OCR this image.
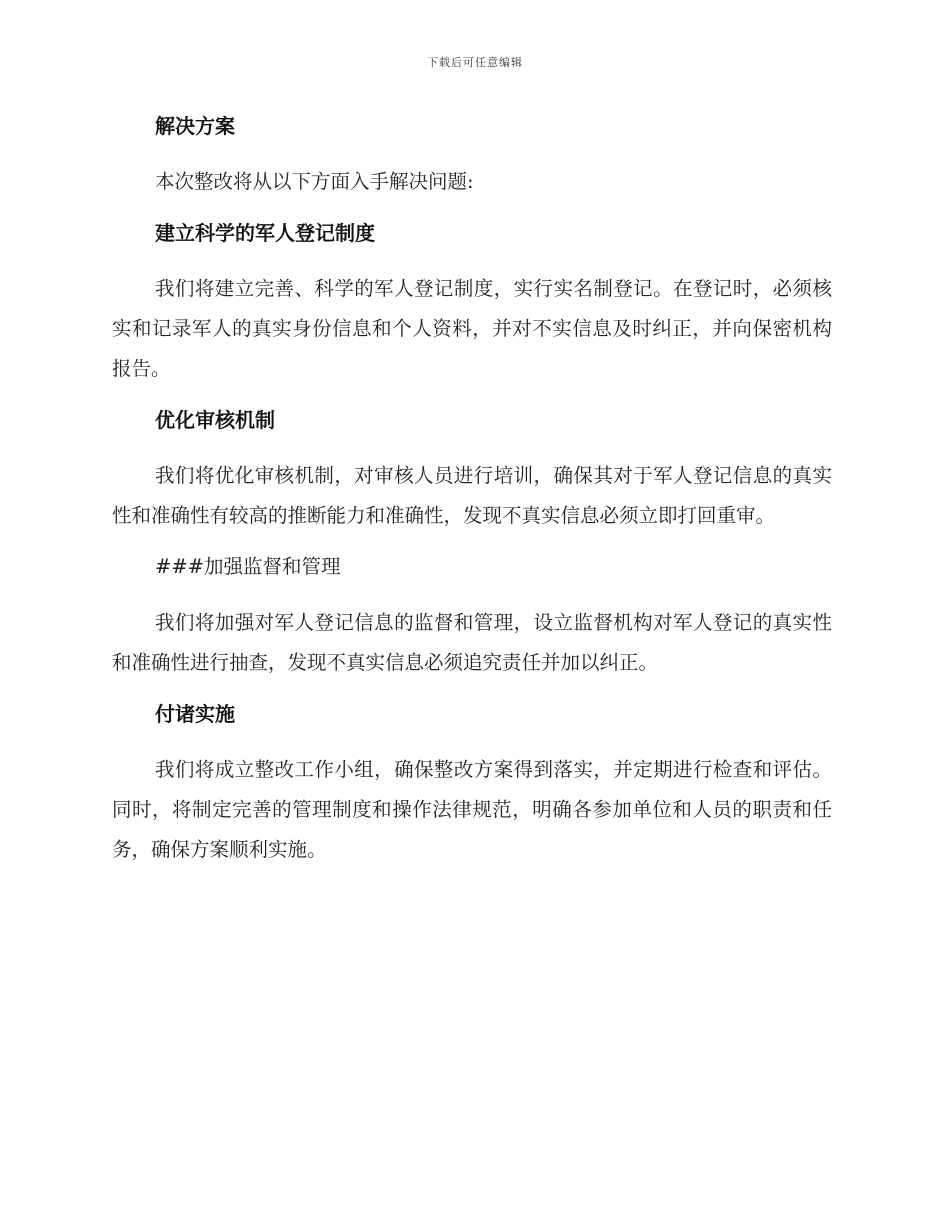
下载后可任意编辑

解决方案

本次整改将从以下方面入手解决问题:

建立科学的军人登记制度

我们将建立完善、科学的军人登记制度，实行实名制登记。在登记时，必须核实和记录军人的真实身份信息和个人资料，并对不实信息及时纠正，并向保密机构报告。

优化审核机制

我们将优化审核机制，对审核人员进行培训，确保其对于军人登记信息的真实性和准确性有较高的推断能力和准确性，发现不真实信息必须立即打回重审。

###加强监督和管理

我们将加强对军人登记信息的监督和管理，设立监督机构对军人登记的真实性和准确性进行抽查，发现不真实信息必须追究责任并加以纠正。

付诸实施

我们将成立整改工作小组，确保整改方案得到落实，并定期进行检查和评估。同时，将制定完善的管理制度和操作法律规范，明确各参加单位和人员的职责和任务，确保方案顺利实施。
